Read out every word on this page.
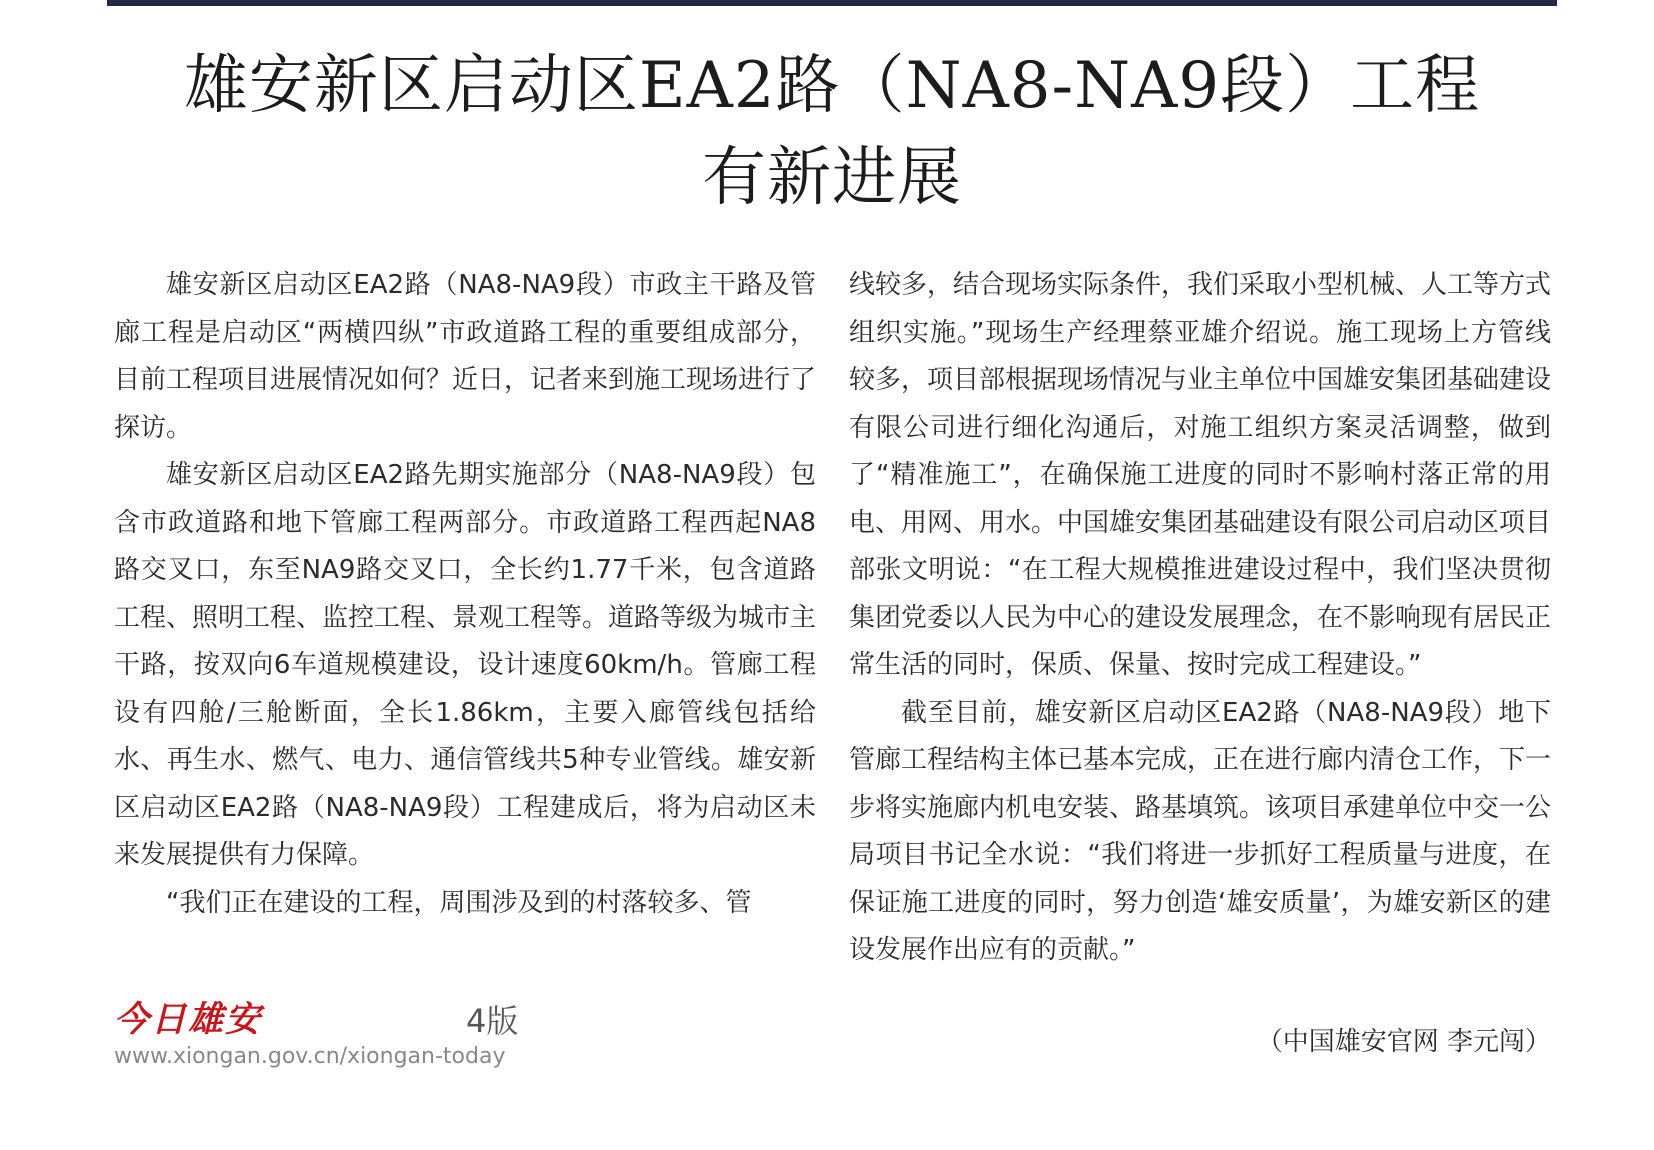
雄安新区启动区EA2路（NA8-NA9段）工程
有新进展

雄安新区启动区EA2路（NA8-NA9段）市政主干路及管廊工程是启动区“两横四纵”市政道路工程的重要组成部分，目前工程项目进展情况如何？近日，记者来到施工现场进行了探访。

雄安新区启动区EA2路先期实施部分（NA8-NA9段）包含市政道路和地下管廊工程两部分。市政道路工程西起NA8路交叉口，东至NA9路交叉口，全长约1.77千米，包含道路工程、照明工程、监控工程、景观工程等。道路等级为城市主干路，按双向6车道规模建设，设计速度60km/h。管廊工程设有四舱/三舱断面，全长1.86km，主要入廊管线包括给水、再生水、燃气、电力、通信管线共5种专业管线。雄安新区启动区EA2路（NA8-NA9段）工程建成后，将为启动区未来发展提供有力保障。

“我们正在建设的工程，周围涉及到的村落较多、管

线较多，结合现场实际条件，我们采取小型机械、人工等方式组织实施。”现场生产经理蔡亚雄介绍说。施工现场上方管线较多，项目部根据现场情况与业主单位中国雄安集团基础建设有限公司进行细化沟通后，对施工组织方案灵活调整，做到了“精准施工”，在确保施工进度的同时不影响村落正常的用电、用网、用水。中国雄安集团基础建设有限公司启动区项目部张文明说：“在工程大规模推进建设过程中，我们坚决贯彻集团党委以人民为中心的建设发展理念，在不影响现有居民正常生活的同时，保质、保量、按时完成工程建设。”

截至目前，雄安新区启动区EA2路（NA8-NA9段）地下管廊工程结构主体已基本完成，正在进行廊内清仓工作，下一步将实施廊内机电安装、路基填筑。该项目承建单位中交一公局项目书记全水说：“我们将进一步抓好工程质量与进度，在保证施工进度的同时，努力创造‘雄安质量’，为雄安新区的建设发展作出应有的贡献。”

（中国雄安官网 李元闯）
今日雄安	4版
www.xiongan.gov.cn/xiongan-today
